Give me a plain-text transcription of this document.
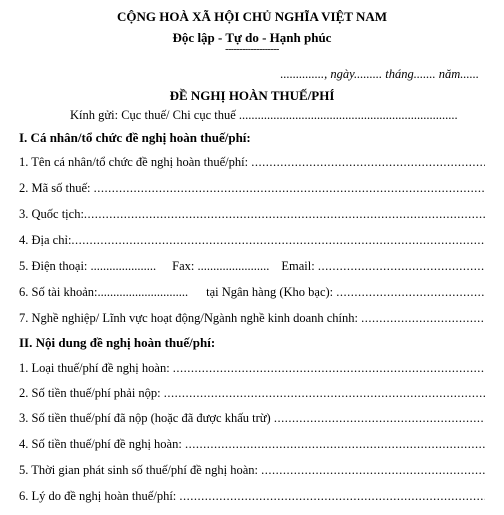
CỘNG HOÀ XÃ HỘI CHỦ NGHĨA VIỆT NAM
Độc lập - Tự do - Hạnh phúc
-------------------
.............., ngày......... tháng....... năm......
ĐỀ NGHỊ HOÀN THUẾ/PHÍ
Kính gửi: Cục thuế/ Chi cục thuế ......................................................................
I. Cá nhân/tổ chức đề nghị hoàn thuế/phí:
1. Tên cá nhân/tổ chức đề nghị hoàn thuế/phí:

.....
2. Mã số thuế:

.....
3. Quốc tịch:
.....
4. Địa chỉ:
.....
5. Điện thoại:
..................... Fax:
....................... Email:

.....
6. Số tài khoản: ............................. tại Ngân hàng (Kho bạc):

.....
7. Nghề nghiệp/ Lĩnh vực hoạt động/Ngành nghề kinh doanh chính:

.....
II. Nội dung đề nghị hoàn thuế/phí:
1. Loại thuế/phí đề nghị hoàn:

.....
2. Số tiền thuế/phí phải nộp:

.....
3. Số tiền thuế/phí đã nộp (hoặc đã được khấu trừ)

.....
4. Số tiền thuế/phí đề nghị hoàn:

.....
5. Thời gian phát sinh số thuế/phí đề nghị hoàn:

.....
6. Lý do đề nghị hoàn thuế/phí:

.....
